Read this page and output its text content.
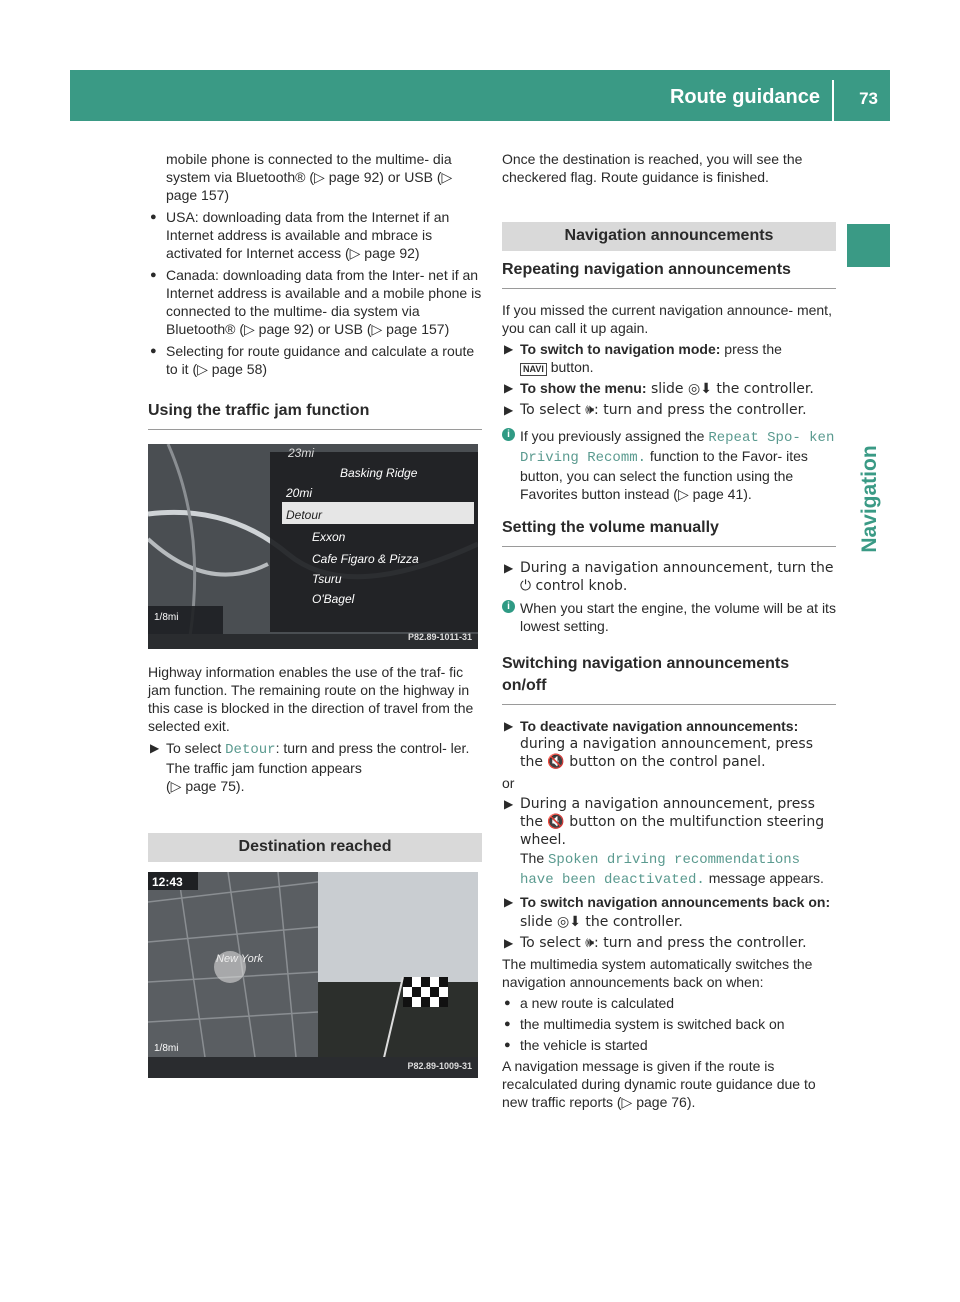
Route guidance 73
Navigation

mobile phone is connected to the multime- dia system via Bluetooth® (▷ page 92) or USB (▷ page 157)

● USA: downloading data from the Internet if an Internet address is available and mbrace is activated for Internet access (▷ page 92)

● Canada: downloading data from the Inter- net if an Internet address is available and a mobile phone is connected to the multime- dia system via Bluetooth® (▷ page 92) or USB (▷ page 157)

● Selecting for route guidance and calculate a route to it (▷ page 58)

Using the traffic jam function
23mi
Basking Ridge
20mi
Detour
Exxon
Cafe Figaro & Pizza
Tsuru
O'Bagel
1/8mi
P82.89-1011-31

Highway information enables the use of the traf- fic jam function. The remaining route on the highway in this case is blocked in the direction of travel from the selected exit.

▶ To select Detour: turn and press the control- ler.

The traffic jam function appears

(▷ page 75).

Destination reached
12:43
New York
1/8mi
P82.89-1009-31

Once the destination is reached, you will see the checkered flag. Route guidance is finished.

Navigation announcements
Repeating navigation announcements

If you missed the current navigation announce- ment, you can call it up again.

▶ To switch to navigation mode: press the
NAVI button.

▶ To show the menu: slide ◎⬇ the controller.

▶ To select 🕪: turn and press the controller.

i If you previously assigned the Repeat Spo‐ ken Driving Recomm. function to the Favor- ites button, you can select the function using the Favorites button instead (▷ page 41).

Setting the volume manually
▶ During a navigation announcement, turn the ⏻ control knob.

i When you start the engine, the volume will be at its lowest setting.

Switching navigation announcements on/off
▶ To deactivate navigation announcements:

during a navigation announcement, press the 🔇 button on the control panel.

or

▶ During a navigation announcement, press the 🔇 button on the multifunction steering wheel.

The Spoken driving recommendations have been deactivated. message appears.

▶ To switch navigation announcements back on: slide ◎⬇ the controller.

▶ To select 🕪: turn and press the controller.

The multimedia system automatically switches the navigation announcements back on when:

● a new route is calculated

● the multimedia system is switched back on

● the vehicle is started

A navigation message is given if the route is recalculated during dynamic route guidance due to new traffic reports (▷ page 76).
